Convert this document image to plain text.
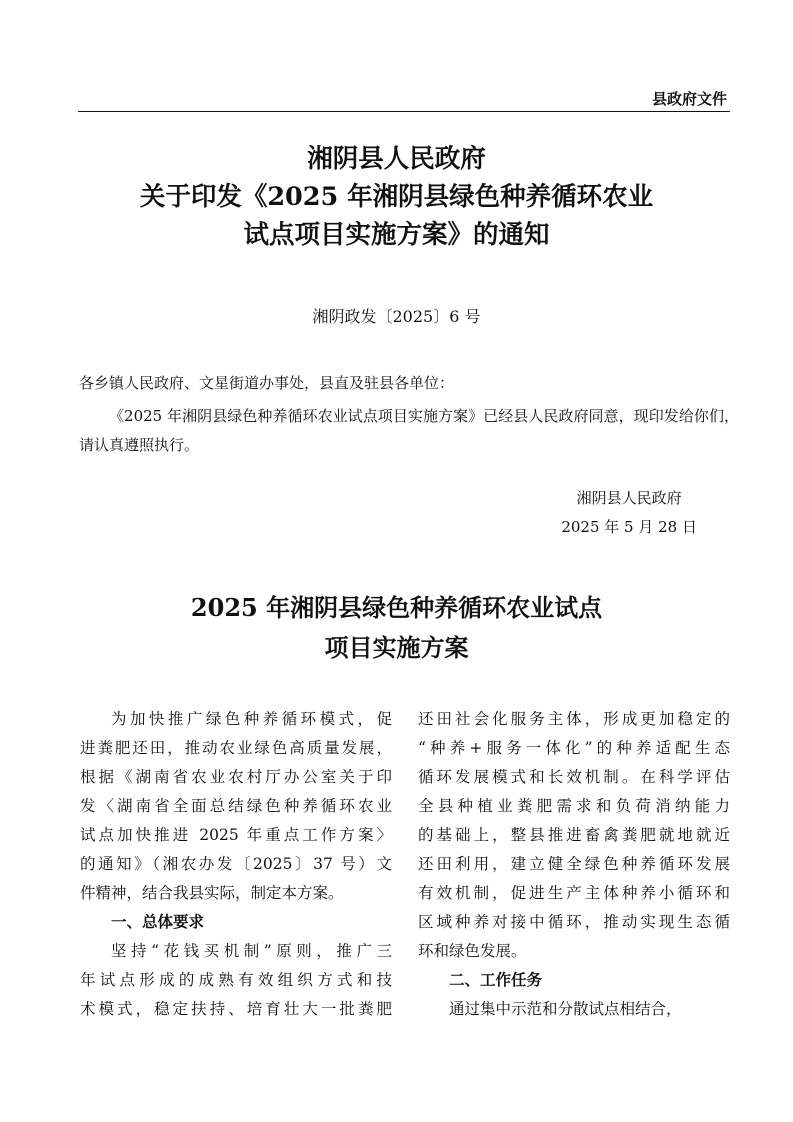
县政府文件
湘阴县人民政府
关于印发《2025 年湘阴县绿色种养循环农业
试点项目实施方案》的通知
湘阴政发〔2025〕6 号
各乡镇人民政府、文星街道办事处，县直及驻县各单位：
《2025 年湘阴县绿色种养循环农业试点项目实施方案》已经县人民政府同意，现印发给你们，请认真遵照执行。
湘阴县人民政府
2025 年 5 月 28 日
2025 年湘阴县绿色种养循环农业试点
项目实施方案
为加快推广绿色种养循环模式，促
进粪肥还田，推动农业绿色高质量发展，
根据《湖南省农业农村厅办公室关于印
发〈湖南省全面总结绿色种养循环农业
试点加快推进 2025 年重点工作方案〉
的通知》（湘农办发〔2025〕37 号）文
件精神，结合我县实际，制定本方案。
一、总体要求
坚持“花钱买机制”原则，推广三
年试点形成的成熟有效组织方式和技
术模式，稳定扶持、培育壮大一批粪肥
还田社会化服务主体，形成更加稳定的
“种养+服务一体化”的种养适配生态
循环发展模式和长效机制。在科学评估
全县种植业粪肥需求和负荷消纳能力
的基础上，整县推进畜禽粪肥就地就近
还田利用，建立健全绿色种养循环发展
有效机制，促进生产主体种养小循环和
区域种养对接中循环，推动实现生态循
环和绿色发展。
二、工作任务
通过集中示范和分散试点相结合，
